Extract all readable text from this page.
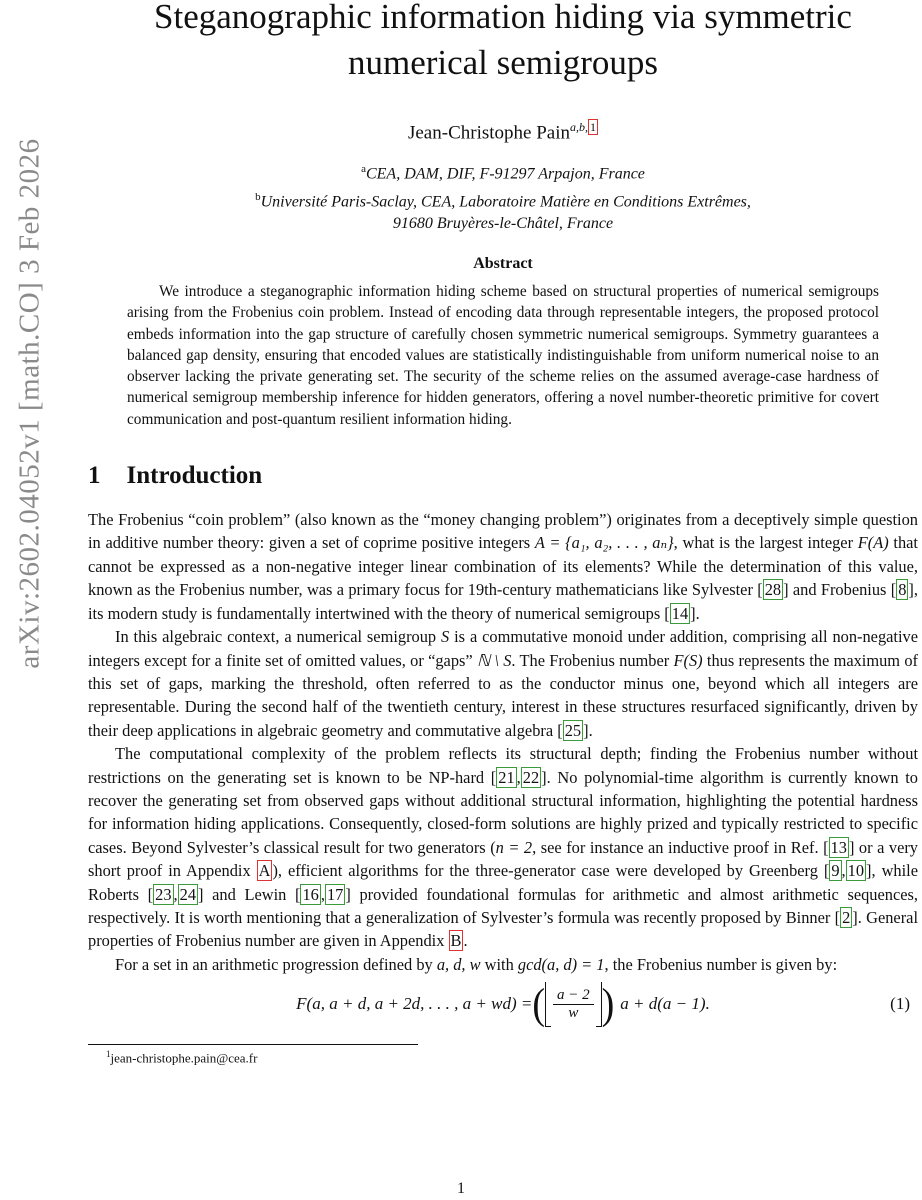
arXiv:2602.04052v1 [math.CO] 3 Feb 2026
Steganographic information hiding via symmetric
numerical semigroups
Jean-Christophe Pain$^{a,b, 1}$
$^a$CEA, DAM, DIF, F-91297 Arpajon, France
$^b$Université Paris-Saclay, CEA, Laboratoire Matière en Conditions Extrêmes,
91680 Bruyères-le-Châtel, France
Abstract
We introduce a steganographic information hiding scheme based on structural properties of numerical semigroups arising from the Frobenius coin problem. Instead of encoding data through representable integers, the proposed protocol embeds information into the gap structure of carefully chosen symmetric numerical semigroups. Symmetry guarantees a balanced gap density, ensuring that encoded values are statistically indistinguishable from uniform numerical noise to an observer lacking the private generating set. The security of the scheme relies on the assumed average-case hardness of numerical semigroup membership inference for hidden generators, offering a novel number-theoretic primitive for covert communication and post-quantum resilient information hiding.
1 Introduction

The Frobenius “coin problem” (also known as the “money changing problem”) originates from a deceptively simple question in additive number theory: given a set of coprime positive integers A = {a₁, a₂, . . . , aₙ}, what is the largest integer F(A) that cannot be expressed as a non-negative integer linear combination of its elements? While the determination of this value, known as the Frobenius number, was a primary focus for 19th-century mathematicians like Sylvester [ 28 ] and Frobenius [ 8 ], its modern study is fundamentally intertwined with the theory of numerical semigroups [ 14 ].

In this algebraic context, a numerical semigroup S is a commutative monoid under addition, comprising all non-negative integers except for a finite set of omitted values, or “gaps” ℕ \ S. The Frobenius number F(S) thus represents the maximum of this set of gaps, marking the threshold, often referred to as the conductor minus one, beyond which all integers are representable. During the second half of the twentieth century, interest in these structures resurfaced significantly, driven by their deep applications in algebraic geometry and commutative algebra [ 25 ].

The computational complexity of the problem reflects its structural depth; finding the Frobenius number without restrictions on the generating set is known to be NP-hard [ 21 , 22 ]. No polynomial-time algorithm is currently known to recover the generating set from observed gaps without additional structural information, highlighting the potential hardness for information hiding applications. Consequently, closed-form solutions are highly prized and typically restricted to specific cases. Beyond Sylvester’s classical result for two generators (n = 2, see for instance an inductive proof in Ref. [ 13 ] or a very short proof in Appendix A ), efficient algorithms for the three-generator case were developed by Greenberg [ 9 , 10 ], while Roberts [ 23 , 24 ] and Lewin [ 16 , 17 ] provided foundational formulas for arithmetic and almost arithmetic sequences, respectively. It is worth mentioning that a generalization of Sylvester’s formula was recently proposed by Binner [ 2 ]. General properties of Frobenius number are given in Appendix B .

For a set in an arithmetic progression defined by a, d, w with gcd(a, d) = 1, the Frobenius number is given by:

F(a, a + d, a + 2d, . . . , a + wd) = ( $\frac{a - 2}{w}$ ) a + d(a − 1).	(1)
$^1$jean-christophe.pain@cea.fr
1
